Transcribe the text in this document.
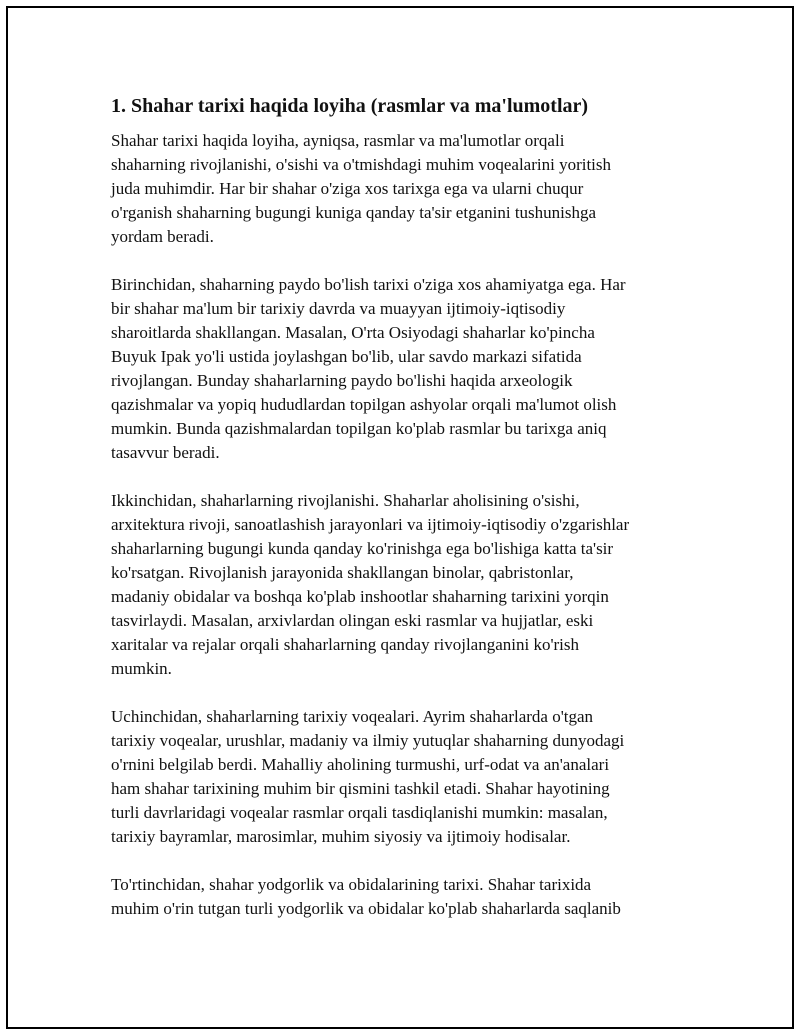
1. Shahar tarixi haqida loyiha (rasmlar va ma'lumotlar)

Shahar tarixi haqida loyiha, ayniqsa, rasmlar va ma'lumotlar orqali
shaharning rivojlanishi, o'sishi va o'tmishdagi muhim voqealarini yoritish
juda muhimdir. Har bir shahar o'ziga xos tarixga ega va ularni chuqur
o'rganish shaharning bugungi kuniga qanday ta'sir etganini tushunishga
yordam beradi.

Birinchidan, shaharning paydo bo'lish tarixi o'ziga xos ahamiyatga ega. Har
bir shahar ma'lum bir tarixiy davrda va muayyan ijtimoiy-iqtisodiy
sharoitlarda shakllangan. Masalan, O'rta Osiyodagi shaharlar ko'pincha
Buyuk Ipak yo'li ustida joylashgan bo'lib, ular savdo markazi sifatida
rivojlangan. Bunday shaharlarning paydo bo'lishi haqida arxeologik
qazishmalar va yopiq hududlardan topilgan ashyolar orqali ma'lumot olish
mumkin. Bunda qazishmalardan topilgan ko'plab rasmlar bu tarixga aniq
tasavvur beradi.

Ikkinchidan, shaharlarning rivojlanishi. Shaharlar aholisining o'sishi,
arxitektura rivoji, sanoatlashish jarayonlari va ijtimoiy-iqtisodiy o'zgarishlar
shaharlarning bugungi kunda qanday ko'rinishga ega bo'lishiga katta ta'sir
ko'rsatgan. Rivojlanish jarayonida shakllangan binolar, qabristonlar,
madaniy obidalar va boshqa ko'plab inshootlar shaharning tarixini yorqin
tasvirlaydi. Masalan, arxivlardan olingan eski rasmlar va hujjatlar, eski
xaritalar va rejalar orqali shaharlarning qanday rivojlanganini ko'rish
mumkin.

Uchinchidan, shaharlarning tarixiy voqealari. Ayrim shaharlarda o'tgan
tarixiy voqealar, urushlar, madaniy va ilmiy yutuqlar shaharning dunyodagi
o'rnini belgilab berdi. Mahalliy aholining turmushi, urf-odat va an'analari
ham shahar tarixining muhim bir qismini tashkil etadi. Shahar hayotining
turli davrlaridagi voqealar rasmlar orqali tasdiqlanishi mumkin: masalan,
tarixiy bayramlar, marosimlar, muhim siyosiy va ijtimoiy hodisalar.

To'rtinchidan, shahar yodgorlik va obidalarining tarixi. Shahar tarixida
muhim o'rin tutgan turli yodgorlik va obidalar ko'plab shaharlarda saqlanib
